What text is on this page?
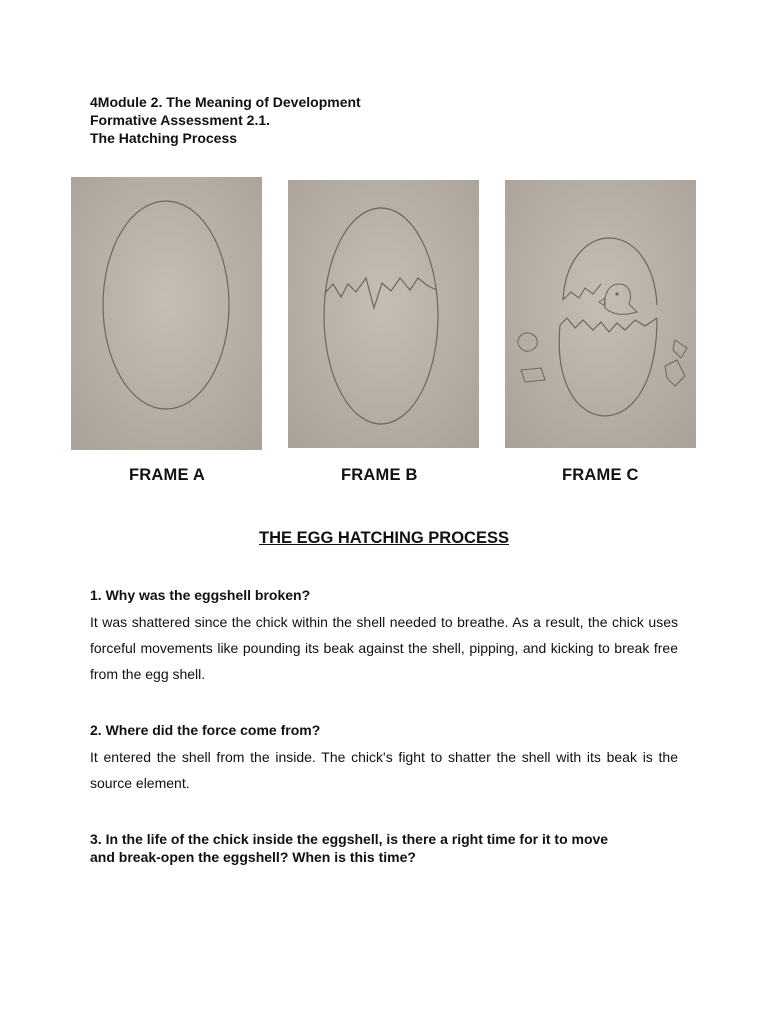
4Module 2. The Meaning of Development
Formative Assessment 2.1.
The Hatching Process
FRAME A	FRAME B	FRAME C
THE EGG HATCHING PROCESS
1. Why was the eggshell broken?
It was shattered since the chick within the shell needed to breathe. As a result, the chick uses forceful movements like pounding its beak against the shell, pipping, and kicking to break free from the egg shell.
2. Where did the force come from?
It entered the shell from the inside. The chick's fight to shatter the shell with its beak is the source element.
3. In the life of the chick inside the eggshell, is there a right time for it to move
and break-open the eggshell? When is this time?
